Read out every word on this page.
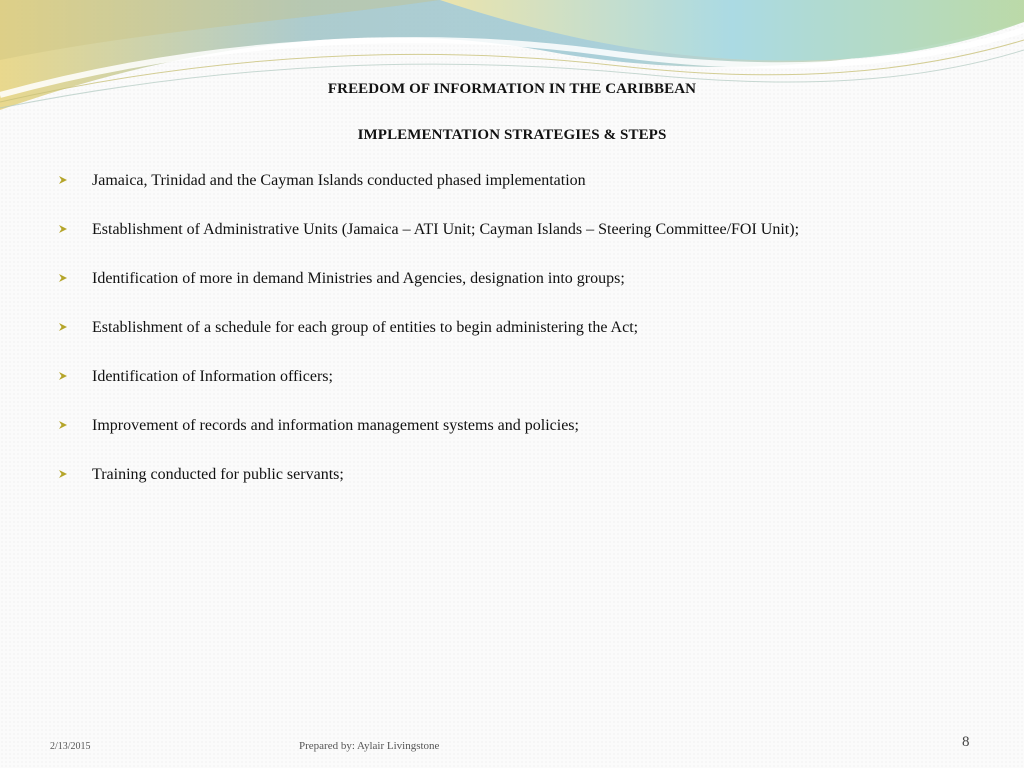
FREEDOM OF INFORMATION IN THE CARIBBEAN
IMPLEMENTATION STRATEGIES & STEPS
Jamaica, Trinidad and the Cayman Islands conducted phased implementation
Establishment of Administrative Units (Jamaica – ATI Unit; Cayman Islands – Steering Committee/FOI Unit);
Identification of more in demand Ministries and Agencies, designation into groups;
Establishment of a schedule for each group of entities to begin administering the Act;
Identification of Information officers;
Improvement of records and information management systems and policies;
Training conducted for public servants;
2/13/2015	Prepared by: Aylair Livingstone	8
